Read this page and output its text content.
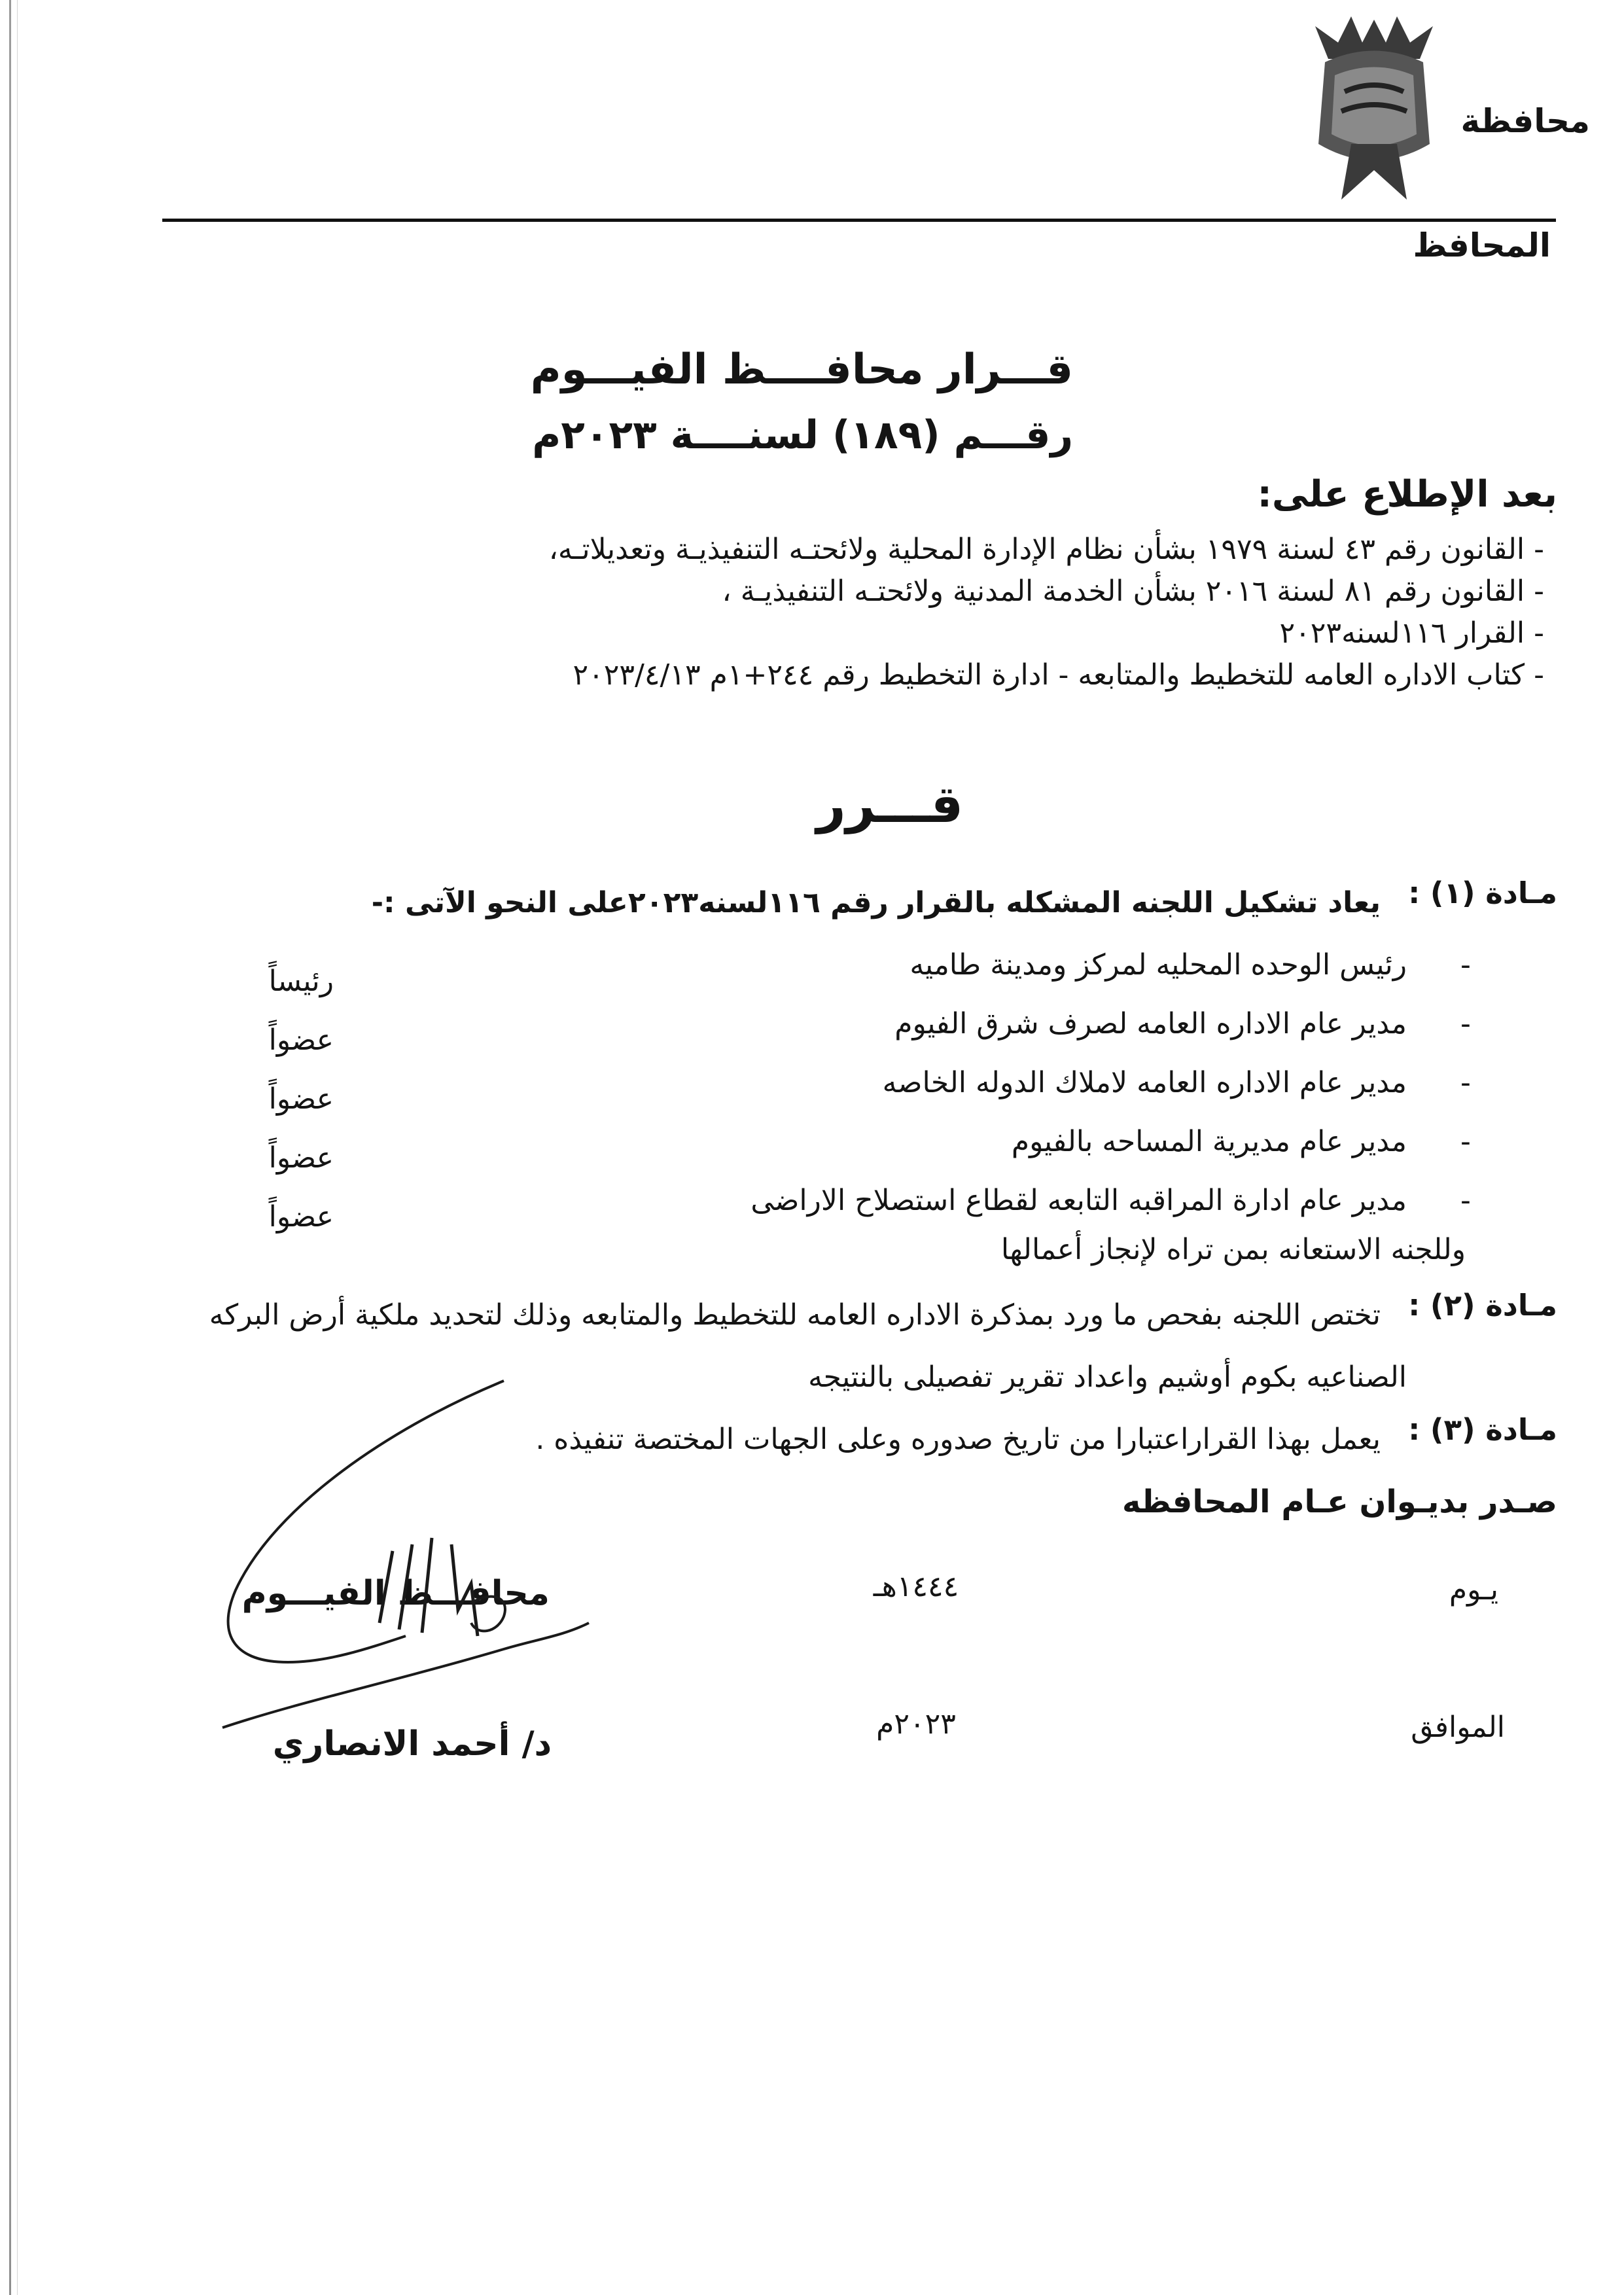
محافظة
المحافظ
قـــرار محافــــظ الفيـــوم
رقـــم (١٨٩) لسنــــة ٢٠٢٣م
بعد الإطلاع على:
- القانون رقم ٤٣ لسنة ١٩٧٩ بشأن نظام الإدارة المحلية ولائحتـه التنفيذيـة وتعديلاتـه،
- القانون رقم ٨١ لسنة ٢٠١٦ بشأن الخدمة المدنية ولائحتـه التنفيذيـة ،
- القرار ١١٦لسنه٢٠٢٣
- كتاب الاداره العامه للتخطيط والمتابعه - ادارة التخطيط رقم ٢٤٤+١م ٢٠٢٣/٤/١٣
قـــرر
مـادة (١) :
يعاد تشكيل اللجنه المشكله بالقرار رقم ١١٦لسنه٢٠٢٣على النحو الآتى :-
-
رئيس الوحده المحليه لمركز ومدينة طاميه
رئيساً
-
مدير عام الاداره العامه لصرف شرق الفيوم
عضواً
-
مدير عام الاداره العامه لاملاك الدوله الخاصه
عضواً
-
مدير عام مديرية المساحه بالفيوم
عضواً
-
مدير عام ادارة المراقبه التابعه لقطاع استصلاح الاراضى
عضواً
وللجنه الاستعانه بمن تراه لإنجاز أعمالها
مـادة (٢) :
تختص اللجنه بفحص ما ورد بمذكرة الاداره العامه للتخطيط والمتابعه وذلك لتحديد ملكية أرض البركه
الصناعيه بكوم أوشيم واعداد تقرير تفصيلى بالنتيجه
مـادة (٣) :
يعمل بهذا القراراعتبارا من تاريخ صدوره وعلى الجهات المختصة تنفيذه .
صـدر بديـوان عـام المحافظه
يـوم
١٤٤٤هـ
الموافق
٢٠٢٣م
محافـــظ الفيـــوم
د/ أحمد الانصاري
